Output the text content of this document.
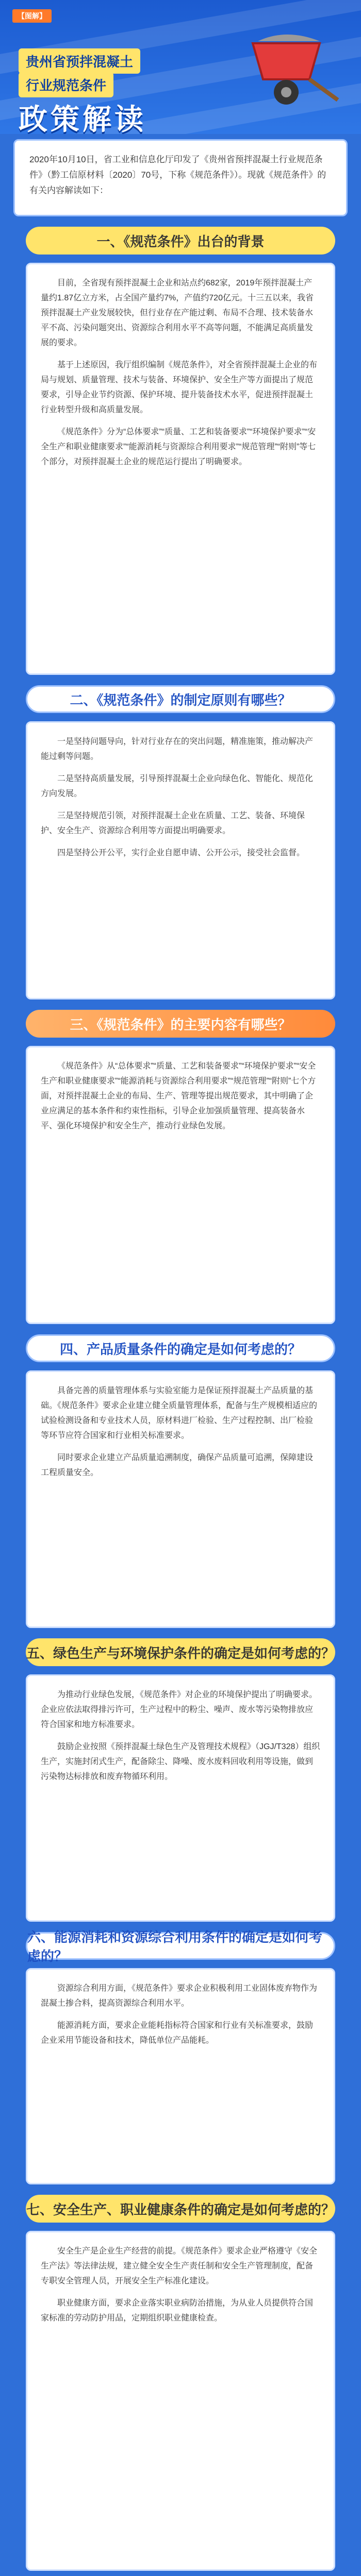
【图解】
贵州省预拌混凝土
行业规范条件
政策解读
2020年10月10日，省工业和信息化厅印发了《贵州省预拌混凝土行业规范条件》（黔工信原材料〔2020〕70号，下称《规范条件》）。现就《规范条件》的有关内容解读如下：
一、《规范条件》出台的背景

目前，全省现有预拌混凝土企业和站点约682家，2019年预拌混凝土产量约1.87亿立方米，占全国产量约7%，产值约720亿元。十三五以来，我省预拌混凝土产业发展较快，但行业存在产能过剩、布局不合理、技术装备水平不高、污染问题突出、资源综合利用水平不高等问题，不能满足高质量发展的要求。

基于上述原因，我厅组织编制《规范条件》，对全省预拌混凝土企业的布局与规划、质量管理、技术与装备、环境保护、安全生产等方面提出了规范要求，引导企业节约资源、保护环境、提升装备技术水平，促进预拌混凝土行业转型升级和高质量发展。

《规范条件》分为“总体要求”“质量、工艺和装备要求”“环境保护要求”“安全生产和职业健康要求”“能源消耗与资源综合利用要求”“规范管理”“附则”等七个部分，对预拌混凝土企业的规范运行提出了明确要求。

二、《规范条件》的制定原则有哪些？

一是坚持问题导向，针对行业存在的突出问题，精准施策，推动解决产能过剩等问题。

二是坚持高质量发展，引导预拌混凝土企业向绿色化、智能化、规范化方向发展。

三是坚持规范引领，对预拌混凝土企业在质量、工艺、装备、环境保护、安全生产、资源综合利用等方面提出明确要求。

四是坚持公开公平，实行企业自愿申请、公开公示，接受社会监督。

三、《规范条件》的主要内容有哪些？

《规范条件》从“总体要求”“质量、工艺和装备要求”“环境保护要求”“安全生产和职业健康要求”“能源消耗与资源综合利用要求”“规范管理”“附则”七个方面，对预拌混凝土企业的布局、生产、管理等提出规范要求，其中明确了企业应满足的基本条件和约束性指标，引导企业加强质量管理、提高装备水平、强化环境保护和安全生产，推动行业绿色发展。

四、产品质量条件的确定是如何考虑的？

具备完善的质量管理体系与实验室能力是保证预拌混凝土产品质量的基础。《规范条件》要求企业建立健全质量管理体系，配备与生产规模相适应的试验检测设备和专业技术人员，原材料进厂检验、生产过程控制、出厂检验等环节应符合国家和行业相关标准要求。

同时要求企业建立产品质量追溯制度，确保产品质量可追溯，保障建设工程质量安全。

五、绿色生产与环境保护条件的确定是如何考虑的？

为推动行业绿色发展，《规范条件》对企业的环境保护提出了明确要求。企业应依法取得排污许可，生产过程中的粉尘、噪声、废水等污染物排放应符合国家和地方标准要求。

鼓励企业按照《预拌混凝土绿色生产及管理技术规程》（JGJ/T328）组织生产，实施封闭式生产，配备除尘、降噪、废水废料回收利用等设施，做到污染物达标排放和废弃物循环利用。

六、能源消耗和资源综合利用条件的确定是如何考虑的？

资源综合利用方面，《规范条件》要求企业积极利用工业固体废弃物作为混凝土掺合料，提高资源综合利用水平。

能源消耗方面，要求企业能耗指标符合国家和行业有关标准要求，鼓励企业采用节能设备和技术，降低单位产品能耗。

七、安全生产、职业健康条件的确定是如何考虑的？

安全生产是企业生产经营的前提。《规范条件》要求企业严格遵守《安全生产法》等法律法规，建立健全安全生产责任制和安全生产管理制度，配备专职安全管理人员，开展安全生产标准化建设。

职业健康方面，要求企业落实职业病防治措施，为从业人员提供符合国家标准的劳动防护用品，定期组织职业健康检查。
